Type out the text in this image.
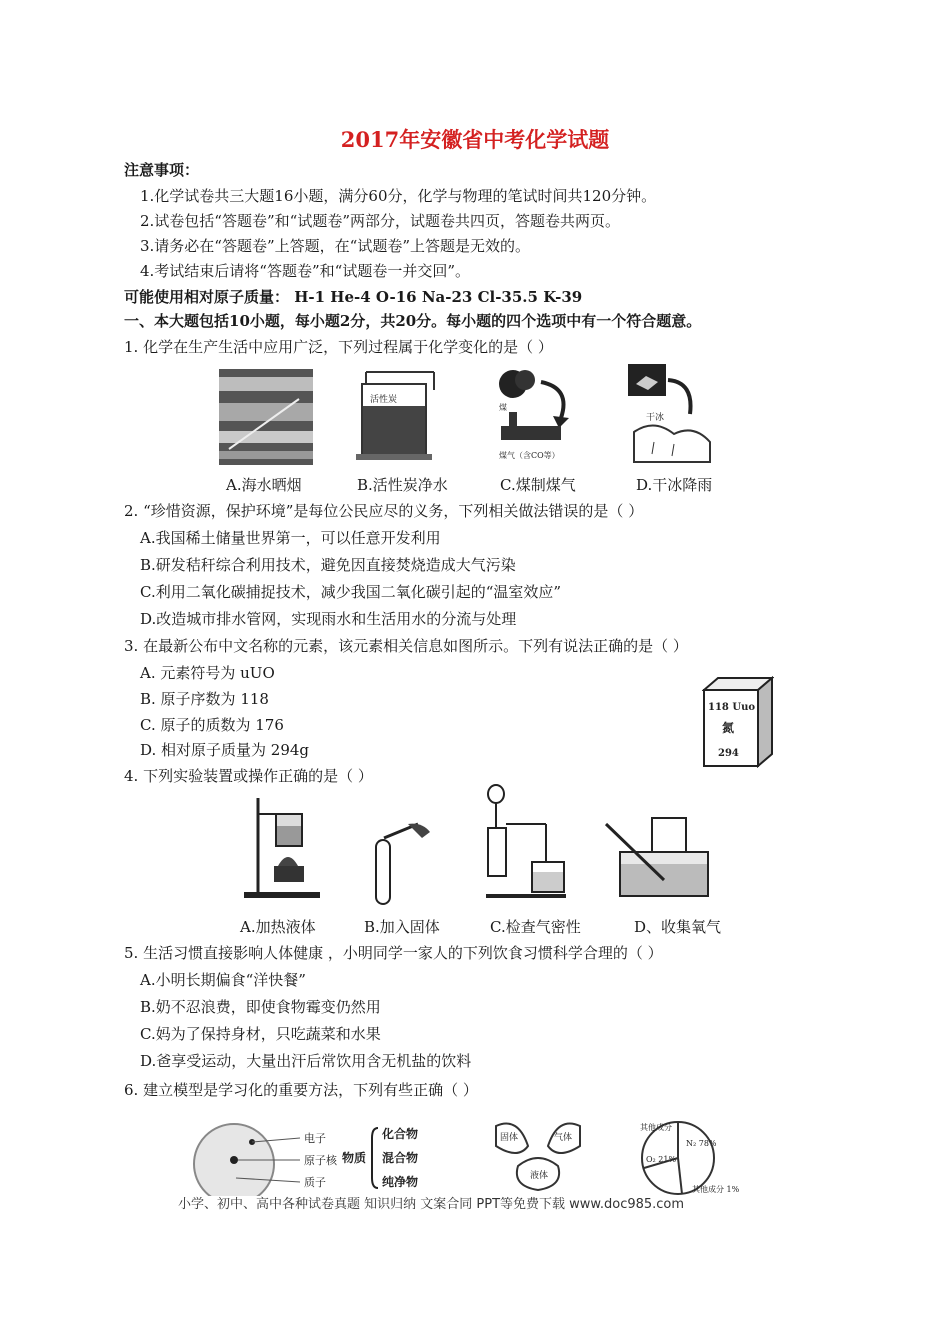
2017年安徽省中考化学试题
注意事项：
1.化学试卷共三大题16小题，满分60分，化学与物理的笔试时间共120分钟。
2.试卷包括“答题卷”和“试题卷”两部分，试题卷共四页，答题卷共两页。
3.请务必在“答题卷”上答题，在“试题卷”上答题是无效的。
4.考试结束后请将“答题卷”和“试题卷一并交回”。
可能使用相对原子质量： H-1 He-4 O-16 Na-23 Cl-35.5 K-39
一、本大题包括10小题，每小题2分，共20分。每小题的四个选项中有一个符合题意。
1. 化学在生产生活中应用广泛，下列过程属于化学变化的是（ ）
活性炭
煤
煤气（含CO等）
干冰
A.海水晒烟	B.活性炭净水	C.煤制煤气	D.干冰降雨
2. “珍惜资源，保护环境”是每位公民应尽的义务，下列相关做法错误的是（ ）
A.我国稀土储量世界第一，可以任意开发利用
B.研发秸秆综合利用技术，避免因直接焚烧造成大气污染
C.利用二氧化碳捕捉技术，减少我国二氧化碳引起的“温室效应”
D.改造城市排水管网，实现雨水和生活用水的分流与处理
3. 在最新公布中文名称的元素，该元素相关信息如图所示。下列有说法正确的是（ ）
A. 元素符号为 uUO
B. 原子序数为 118
C. 原子的质数为 176
D. 相对原子质量为 294g
118 Uuo
氮
294
4. 下列实验装置或操作正确的是（ ）
A.加热液体	B.加入固体	C.检查气密性	D、收集氧气
5. 生活习惯直接影响人体健康 ，小明同学一家人的下列饮食习惯科学合理的（ ）
A.小明长期偏食“洋快餐”
B.奶不忍浪费，即使食物霉变仍然用
C.妈为了保持身材，只吃蔬菜和水果
D.爸享受运动，大量出汗后常饮用含无机盐的饮料
6. 建立模型是学习化的重要方法，下列有些正确（ ）
电子
原子核
质子
物质
化合物
混合物
纯净物
固体	气体
液体
其他成分
N₂ 78%
O₂ 21%
其他成分 1%
小学、初中、高中各种试卷真题 知识归纳 文案合同 PPT等免费下载 www.doc985.com
